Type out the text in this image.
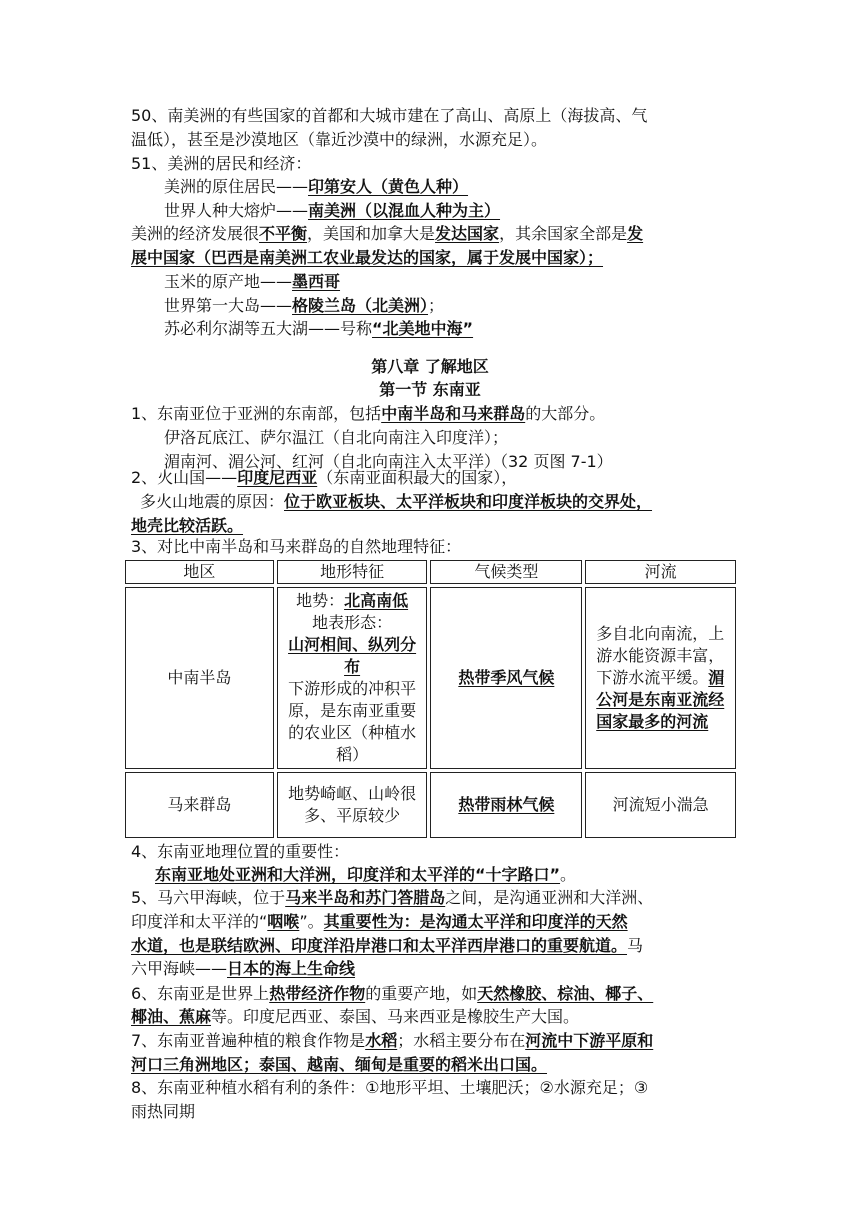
50、南美洲的有些国家的首都和大城市建在了高山、高原上（海拔高、气
温低），甚至是沙漠地区（靠近沙漠中的绿洲，水源充足）。
51、美洲的居民和经济：
美洲的原住居民——印第安人（黄色人种）
世界人种大熔炉——南美洲（以混血人种为主）
美洲的经济发展很不平衡，美国和加拿大是发达国家，其余国家全部是发
展中国家（巴西是南美洲工农业最发达的国家，属于发展中国家）；
玉米的原产地——墨西哥
世界第一大岛——格陵兰岛（北美洲）；
苏必利尔湖等五大湖——号称“北美地中海”
第八章 了解地区
第一节 东南亚
1、东南亚位于亚洲的东南部，包括中南半岛和马来群岛的大部分。
伊洛瓦底江、萨尔温江（自北向南注入印度洋）；
湄南河、湄公河、红河（自北向南注入太平洋）（32 页图 7-1）
2、火山国——印度尼西亚（东南亚面积最大的国家），
多火山地震的原因：位于欧亚板块、太平洋板块和印度洋板块的交界处，
地壳比较活跃。
3、对比中南半岛和马来群岛的自然地理特征：
地区	地形特征	气候类型	河流
中南半岛	地势：北高南低
地表形态：
山河相间、纵列分布
下游形成的冲积平原，是东南亚重要的农业区（种植水稻）	热带季风气候	多自北向南流，上游水能资源丰富，下游水流平缓。湄公河是东南亚流经国家最多的河流
马来群岛	地势崎岖、山岭很多、平原较少	热带雨林气候	河流短小湍急
4、东南亚地理位置的重要性：
东南亚地处亚洲和大洋洲，印度洋和太平洋的“十字路口”。
5、马六甲海峡，位于马来半岛和苏门答腊岛之间，是沟通亚洲和大洋洲、
印度洋和太平洋的“咽喉”。其重要性为：是沟通太平洋和印度洋的天然
水道，也是联结欧洲、印度洋沿岸港口和太平洋西岸港口的重要航道。马
六甲海峡——日本的海上生命线
6、东南亚是世界上热带经济作物的重要产地，如天然橡胶、棕油、椰子、
椰油、蕉麻等。印度尼西亚、泰国、马来西亚是橡胶生产大国。
7、东南亚普遍种植的粮食作物是水稻；水稻主要分布在河流中下游平原和
河口三角洲地区；泰国、越南、缅甸是重要的稻米出口国。
8、东南亚种植水稻有利的条件：①地形平坦、土壤肥沃；②水源充足；③
雨热同期
